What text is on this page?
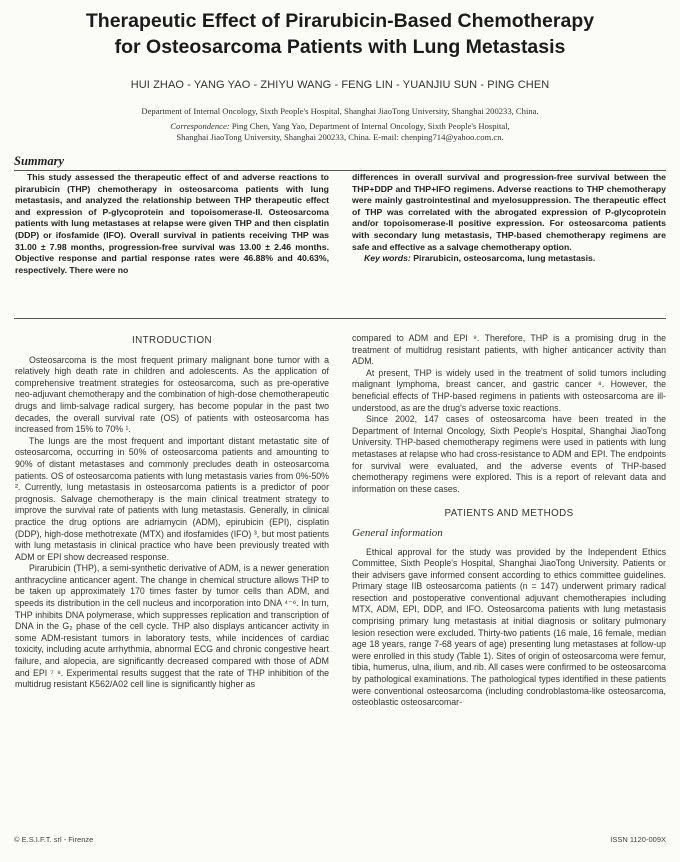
Therapeutic Effect of Pirarubicin-Based Chemotherapy
for Osteosarcoma Patients with Lung Metastasis
HUI ZHAO - YANG YAO - ZHIYU WANG - FENG LIN - YUANJIU SUN - PING CHEN
Department of Internal Oncology, Sixth People's Hospital, Shanghai JiaoTong University, Shanghai 200233, China.
Correspondence: Ping Chen, Yang Yao, Department of Internal Oncology, Sixth People's Hospital,
Shanghai JiaoTong University, Shanghai 200233, China. E-mail: chenping714@yahoo.com.cn.
Summary

This study assessed the therapeutic effect of and adverse reactions to pirarubicin (THP) chemotherapy in osteosarcoma patients with lung metastasis, and analyzed the relationship between THP therapeutic effect and expression of P-glycoprotein and topoisomerase-II. Osteosarcoma patients with lung metastases at relapse were given THP and then cisplatin (DDP) or ifosfamide (IFO). Overall survival in patients receiving THP was 31.00 ± 7.98 months, progression-free survival was 13.00 ± 2.46 months. Objective response and partial response rates were 46.88% and 40.63%, respectively. There were no

differences in overall survival and progression-free survival between the THP+DDP and THP+IFO regimens. Adverse reactions to THP chemotherapy were mainly gastrointestinal and myelosuppression. The therapeutic effect of THP was correlated with the abrogated expression of P-glycoprotein and/or topoisomerase-II positive expression. For osteosarcoma patients with secondary lung metastasis, THP-based chemotherapy regimens are safe and effective as a salvage chemotherapy option.

Key words: Pirarubicin, osteosarcoma, lung metastasis.

INTRODUCTION

Osteosarcoma is the most frequent primary malignant bone tumor with a relatively high death rate in children and adolescents. As the application of comprehensive treatment strategies for osteosarcoma, such as pre-operative neo-adjuvant chemotherapy and the combination of high-dose chemotherapeutic drugs and limb-salvage radical surgery, has become popular in the past two decades, the overall survival rate (OS) of patients with osteosarcoma has increased from 15% to 70% ¹.

The lungs are the most frequent and important distant metastatic site of osteosarcoma, occurring in 50% of osteosarcoma patients and amounting to 90% of distant metastases and commonly precludes death in osteosarcoma patients. OS of osteosarcoma patients with lung metastasis varies from 0%-50% ². Currently, lung metastasis in osteosarcoma patients is a predictor of poor prognosis. Salvage chemotherapy is the main clinical treatment strategy to improve the survival rate of patients with lung metastasis. Generally, in clinical practice the drug options are adriamycin (ADM), epirubicin (EPI), cisplatin (DDP), high-dose methotrexate (MTX) and ifosfamides (IFO) ³, but most patients with lung metastasis in clinical practice who have been previously treated with ADM or EPI show decreased response.

Pirarubicin (THP), a semi-synthetic derivative of ADM, is a newer generation anthracycline anticancer agent. The change in chemical structure allows THP to be taken up approximately 170 times faster by tumor cells than ADM, and speeds its distribution in the cell nucleus and incorporation into DNA ⁴⁻⁶. In turn, THP inhibits DNA polymerase, which suppresses replication and transcription of DNA in the G₂ phase of the cell cycle. THP also displays anticancer activity in some ADM-resistant tumors in laboratory tests, while incidences of cardiac toxicity, including acute arrhythmia, abnormal ECG and chronic congestive heart failure, and alopecia, are significantly decreased compared with those of ADM and EPI ⁷ ⁸. Experimental results suggest that the rate of THP inhibition of the multidrug resistant K562/A02 cell line is significantly higher as

compared to ADM and EPI ⁹. Therefore, THP is a promising drug in the treatment of multidrug resistant patients, with higher anticancer activity than ADM.

At present, THP is widely used in the treatment of solid tumors including malignant lymphoma, breast cancer, and gastric cancer ⁸. However, the beneficial effects of THP-based regimens in patients with osteosarcoma are ill-understood, as are the drug's adverse toxic reactions.

Since 2002, 147 cases of osteosarcoma have been treated in the Department of Internal Oncology, Sixth People's Hospital, Shanghai JiaoTong University. THP-based chemotherapy regimens were used in patients with lung metastases at relapse who had cross-resistance to ADM and EPI. The endpoints for survival were evaluated, and the adverse events of THP-based chemotherapy regimens were explored. This is a report of relevant data and information on these cases.

PATIENTS AND METHODS
General information

Ethical approval for the study was provided by the Independent Ethics Committee, Sixth People's Hospital, Shanghai JiaoTong University. Patients or their advisers gave informed consent according to ethics committee guidelines. Primary stage IIB osteosarcoma patients (n = 147) underwent primary radical resection and postoperative conventional adjuvant chemotherapies including MTX, ADM, EPI, DDP, and IFO. Osteosarcoma patients with lung metastasis comprising primary lung metastasis at initial diagnosis or solitary pulmonary lesion resection were excluded. Thirty-two patients (16 male, 16 female, median age 18 years, range 7-68 years of age) presenting lung metastases at follow-up were enrolled in this study (Table 1). Sites of origin of osteosarcoma were femur, tibia, humerus, ulna, ilium, and rib. All cases were confirmed to be osteosarcoma by pathological examinations. The pathological types identified in these patients were conventional osteosarcoma (including condroblastoma-like osteosarcoma, osteoblastic osteosarcomar-

© E.S.I.F.T. srl - Firenze	ISSN 1120-009X
